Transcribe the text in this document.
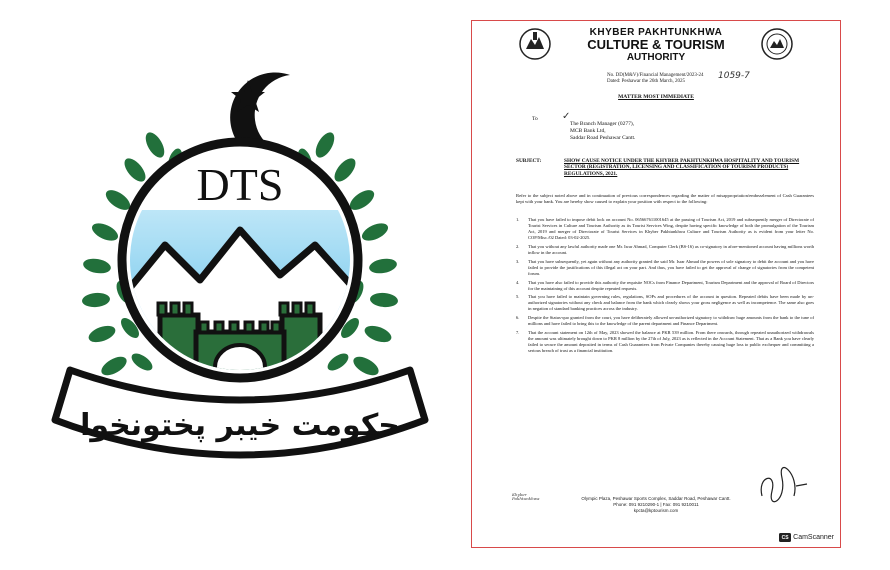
DTS
حکومت خیبر پختونخوا
KHYBER PAKHTUNKHWA
CULTURE & TOURISM
AUTHORITY
No. DD(M&V)/Financial Management/2023-24
Dated: Peshawar the 26th March, 2025
1059-7
MATTER MOST IMMEDIATE
To ✓
The Branch Manager (0277),
MCB Bank Ltd,
Saddar Road Peshawar Cantt.
SUBJECT:	SHOW CAUSE NOTICE UNDER THE KHYBER PAKHTUNKHWA HOSPITALITY AND TOURISM SECTOR (REGISTRATION, LICENSING AND CLASSIFICATION OF TOURISM PRODUCTS) REGULATIONS, 2021.
Refer to the subject noted above and in continuation of previous correspondences regarding the matter of misappropriation/embezzlement of Cash Guarantees kept with your bank. You are hereby show caused to explain your position with respect to the following:
1.	That you have failed to impose debit lock on account No. 0656676110016​45 at the passing of Tourism Act, 2019 and subsequently merger of Directorate of Tourist Services in Culture and Tourism Authority as its Tourist Services Wing, despite having specific knowledge of both the promulgation of the Tourism Act, 2019 and merger of Directorate of Tourist Services in Khyber Pakhtunkhwa Culture and Tourism Authority as is evident from your letter No. COP/Misc./02 Dated: 03-02-2025.
2.	That you without any lawful authority made one Mr. Israr Ahmad, Computer Clerk (BS-16) as co-signatory in afore-mentioned account having millions worth inflow in the account.
3.	That you have subsequently, yet again without any authority granted the said Mr. Israr Ahmad the powers of sole signatory to debit the account and you have failed to provide the justifications of this illegal act on your part. And thus, you have failed to get the approval of change of signatories from the competent forum.
4.	That you have also failed to provide this authority the requisite NOCs from Finance Department, Tourism Department and the approval of Board of Directors for the maintaining of this account despite repeated requests.
5.	That you have failed to maintain governing rules, regulations, SOPs and procedures of the account in question. Repeated debits have been made by un-authorized signatories without any check and balance from the bank which clearly shows your gross negligence as well as incompetence. The same also goes in negation of standard banking practices across the industry.
6.	Despite the Status-quo granted from the court, you have deliberately allowed un-authorized signatory to withdraw huge amounts from the bank to the tune of millions and have failed to bring this to the knowledge of the parent department and Finance Department.
7.	That the account statement on 12th of May, 2023 showed the balance at PKR 539 million. From there onwards, through repeated unauthorized withdrawals the amount was ultimately brought down to PKR 8 million by the 27th of July, 2023 as is reflected in the Account Statement. That as a Bank you have clearly failed to secure the amount deposited in terms of Cash Guarantees from Private Companies thereby causing huge loss to public exchequer and committing a serious breach of trust as a financial institution.
Khyber
Pakhtunkhwa	Olympic Plaza, Peshawar Sports Complex, Saddar Road, Peshawar Cantt.
Phone: 091 9210290-1 | Fax: 091 9210011
kpcta@kptourism.com
CS CamScanner
